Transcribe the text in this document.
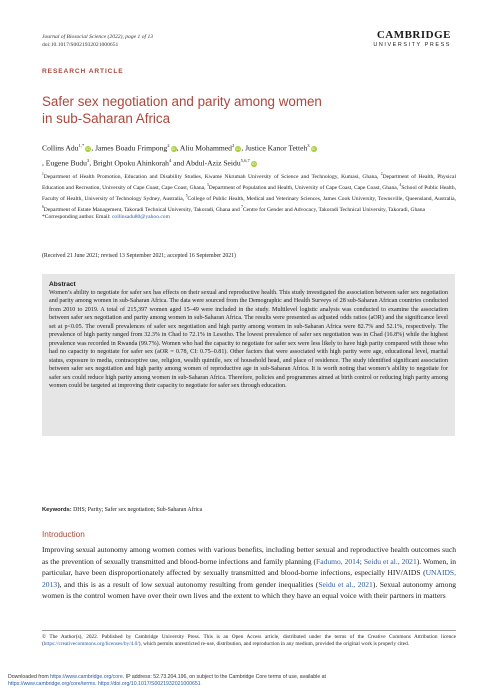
Journal of Biosocial Science (2022), page 1 of 13
doi:10.1017/S0021932021000651
CAMBRIDGE
UNIVERSITY PRESS
RESEARCH ARTICLE
Safer sex negotiation and parity among women
in sub-Saharan Africa
Collins Adu$^{1,*}$iD, James Boadu Frimpong$^2$iD, Aliu Mohammed$^2$iD, Justice Kanor Tetteh$^3$iD
, Eugene Budu$^3$, Bright Opoku Ahinkorah$^4$ and Abdul-Aziz Seidu$^{5,6,7}$iD
$^1$Department of Health Promotion, Education and Disability Studies, Kwame Nkrumah University of Science and Technology, Kumasi, Ghana, $^2$Department of Health, Physical Education and Recreation, University of Cape Coast, Cape Coast, Ghana, $^3$Department of Population and Health, University of Cape Coast, Cape Coast, Ghana, $^4$School of Public Health, Faculty of Health, University of Technology Sydney, Australia, $^5$College of Public Health, Medical and Veterinary Sciences, James Cook University, Townsville, Queensland, Australia, $^6$Department of Estate Management, Takoradi Technical University, Takoradi, Ghana and $^7$Centre for Gender and Advocacy, Takoradi Technical University, Takoradi, Ghana
*Corresponding author. Email: collinsadu80@yahoo.com
(Received 21 June 2021; revised 13 September 2021; accepted 16 September 2021)
Abstract
Women’s ability to negotiate for safer sex has effects on their sexual and reproductive health. This study investigated the association between safer sex negotiation and parity among women in sub-Saharan Africa. The data were sourced from the Demographic and Health Surveys of 28 sub-Saharan African countries conducted from 2010 to 2019. A total of 215,397 women aged 15–49 were included in the study. Multilevel logistic analysis was conducted to examine the association between safer sex negotiation and parity among women in sub-Saharan Africa. The results were presented as adjusted odds ratios (aOR) and the significance level set at p<0.05. The overall prevalences of safer sex negotiation and high parity among women in sub-Saharan Africa were 82.7% and 52.1%, respectively. The prevalence of high parity ranged from 32.3% in Chad to 72.1% in Lesotho. The lowest prevalence of safer sex negotiation was in Chad (16.8%) while the highest prevalence was recorded in Rwanda (99.7%). Women who had the capacity to negotiate for safer sex were less likely to have high parity compared with those who had no capacity to negotiate for safer sex (aOR = 0.78, CI: 0.75–0.81). Other factors that were associated with high parity were age, educational level, marital status, exposure to media, contraceptive use, religion, wealth quintile, sex of household head, and place of residence. The study identified significant association between safer sex negotiation and high parity among women of reproductive age in sub-Saharan Africa. It is worth noting that women’s ability to negotiate for safer sex could reduce high parity among women in sub-Saharan Africa. Therefore, policies and programmes aimed at birth control or reducing high parity among women could be targeted at improving their capacity to negotiate for safer sex through education.
Keywords: DHS; Parity; Safer sex negotiation; Sub-Saharan Africa
Introduction
Improving sexual autonomy among women comes with various benefits, including better sexual and reproductive health outcomes such as the prevention of sexually transmitted and blood-borne infections and family planning (Fadumo, 2014; Seidu et al., 2021). Women, in particular, have been disproportionately affected by sexually transmitted and blood-borne infections, especially HIV/AIDS (UNAIDS, 2013), and this is as a result of low sexual autonomy resulting from gender inequalities (Seidu et al., 2021). Sexual autonomy among women is the control women have over their own lives and the extent to which they have an equal voice with their partners in matters
© The Author(s), 2022. Published by Cambridge University Press. This is an Open Access article, distributed under the terms of the Creative Commons Attribution licence (https://creativecommons.org/licenses/by/4.0/), which permits unrestricted re-use, distribution, and reproduction in any medium, provided the original work is properly cited.
Downloaded from https://www.cambridge.org/core. IP address: 52.73.204.196, on subject to the Cambridge Core terms of use, available at
https://www.cambridge.org/core/terms. https://doi.org/10.1017/S0021932021000651
